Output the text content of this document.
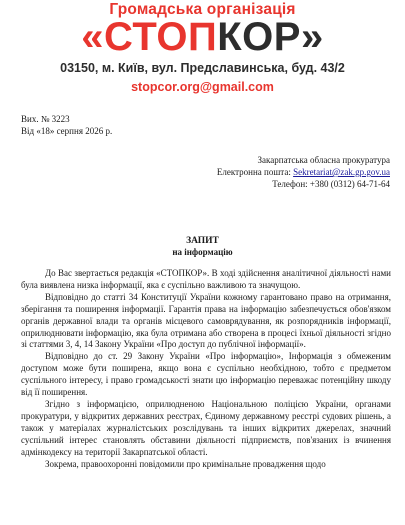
Громадська організація
«СТОПКОР»
03150, м. Київ, вул. Предславинська, буд. 43/2
stopcor.org@gmail.com
Вих. № 3223
Від «18» серпня 2026 р.
Закарпатська обласна прокуратура
Електронна пошта: Sekretariat@zak.gp.gov.ua
Телефон: +380 (0312) 64-71-64
ЗАПИТ
на інформацію

До Вас звертається редакція «СТОПКОР». В ході здійснення аналітичної діяльності нами була виявлена низка інформації, яка є суспільно важливою та значущою.

Відповідно до статті 34 Конституції України кожному гарантовано право на отримання, зберігання та поширення інформації. Гарантія права на інформацію забезпечується обов'язком органів державної влади та органів місцевого самоврядування, як розпорядників інформації, оприлюднювати інформацію, яка була отримана або створена в процесі їхньої діяльності згідно зі статтями 3, 4, 14 Закону України «Про доступ до публічної інформації».

Відповідно до ст. 29 Закону України «Про інформацію», Інформація з обмеженим доступом може бути поширена, якщо вона є суспільно необхідною, тобто є предметом суспільного інтересу, і право громадськості знати цю інформацію переважає потенційну шкоду від її поширення.

Згідно з інформацією, оприлюдненою Національною поліцією України, органами прокуратури, у відкритих державних реєстрах, Єдиному державному реєстрі судових рішень, а також у матеріалах журналістських розслідувань та інших відкритих джерелах, значний суспільний інтерес становлять обставини діяльності підприємств, пов'язаних із вчинення адмінкодексу на території Закарпатської області.

Зокрема, правоохоронні повідомили про кримінальне провадження щодо
